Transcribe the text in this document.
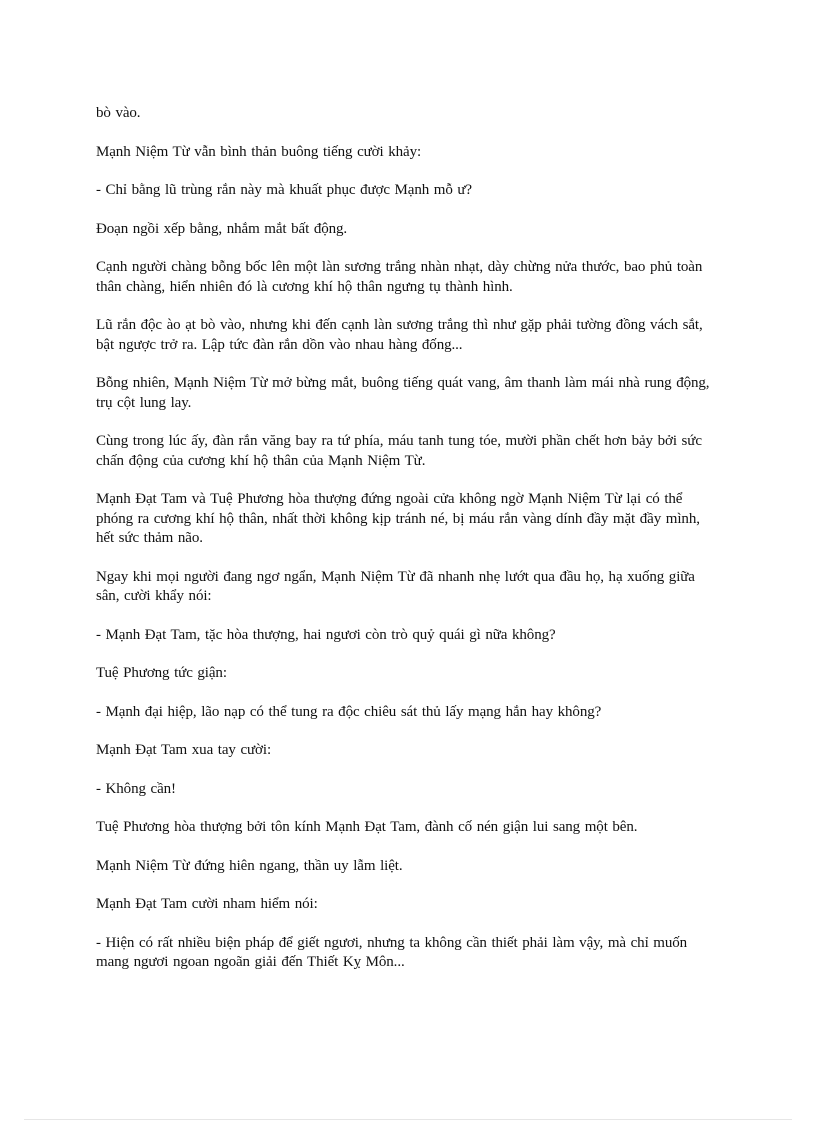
bò vào.

Mạnh Niệm Từ vẫn bình thản buông tiếng cười khảy:

- Chỉ bằng lũ trùng rắn này mà khuất phục được Mạnh mỗ ư?

Đoạn ngồi xếp bằng, nhắm mắt bất động.

Cạnh người chàng bỗng bốc lên một làn sương trắng nhàn nhạt, dày chừng nửa thước, bao phủ toàn thân chàng, hiển nhiên đó là cương khí hộ thân ngưng tụ thành hình.

Lũ rắn độc ào ạt bò vào, nhưng khi đến cạnh làn sương trắng thì như gặp phải tường đồng vách sắt, bật ngược trở ra. Lập tức đàn rắn dồn vào nhau hàng đống...

Bỗng nhiên, Mạnh Niệm Từ mở bừng mắt, buông tiếng quát vang, âm thanh làm mái nhà rung động, trụ cột lung lay.

Cùng trong lúc ấy, đàn rắn văng bay ra tứ phía, máu tanh tung tóe, mười phần chết hơn bảy bởi sức chấn động của cương khí hộ thân của Mạnh Niệm Từ.

Mạnh Đạt Tam và Tuệ Phương hòa thượng đứng ngoài cửa không ngờ Mạnh Niệm Từ lại có thể phóng ra cương khí hộ thân, nhất thời không kịp tránh né, bị máu rắn vàng dính đầy mặt đầy mình, hết sức thảm não.

Ngay khi mọi người đang ngơ ngẩn, Mạnh Niệm Từ đã nhanh nhẹ lướt qua đầu họ, hạ xuống giữa sân, cười khẩy nói:

- Mạnh Đạt Tam, tặc hòa thượng, hai ngươi còn trò quỷ quái gì nữa không?

Tuệ Phương tức giận:

- Mạnh đại hiệp, lão nạp có thể tung ra độc chiêu sát thủ lấy mạng hắn hay không?

Mạnh Đạt Tam xua tay cười:

- Không cần!

Tuệ Phương hòa thượng bởi tôn kính Mạnh Đạt Tam, đành cố nén giận lui sang một bên.

Mạnh Niệm Từ đứng hiên ngang, thần uy lẫm liệt.

Mạnh Đạt Tam cười nham hiểm nói:

- Hiện có rất nhiều biện pháp để giết ngươi, nhưng ta không cần thiết phải làm vậy, mà chỉ muốn mang ngươi ngoan ngoãn giải đến Thiết Kỵ Môn...
